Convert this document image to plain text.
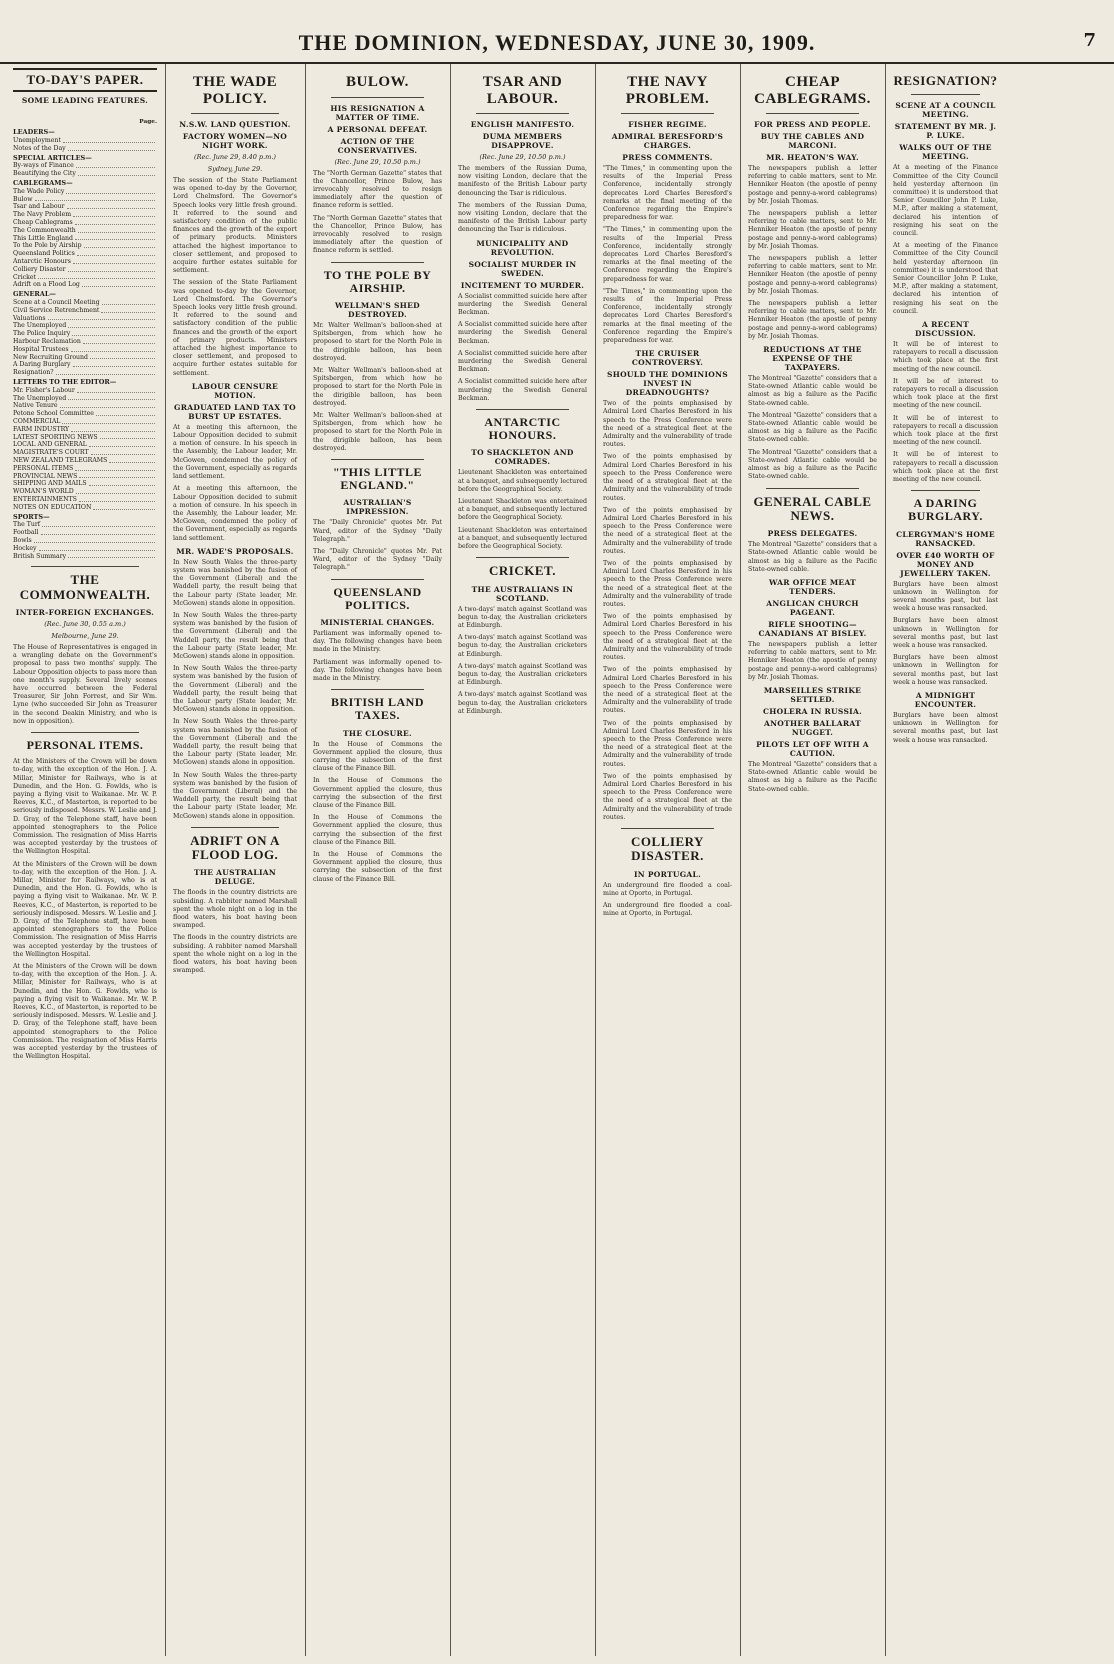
THE DOMINION, WEDNESDAY, JUNE 30, 1909.	7
TO-DAY'S PAPER.
SOME LEADING FEATURES.
Page.
LEADERS—
Unemployment
Notes of the Day
SPECIAL ARTICLES—
By-ways of Finance
Beautifying the City
CABLEGRAMS—
The Wade Policy
Bulow
Tsar and Labour
The Navy Problem
Cheap Cablegrams
The Commonwealth
This Little England
To the Pole by Airship
Queensland Politics
Antarctic Honours
Colliery Disaster
Cricket
Adrift on a Flood Log
GENERAL—
Scene at a Council Meeting
Civil Service Retrenchment
Valuations
The Unemployed
The Police Inquiry
Harbour Reclamation
Hospital Trustees
New Recruiting Ground
A Daring Burglary
Resignation?
LETTERS TO THE EDITOR—
Mr. Fisher's Labour
The Unemployed
Native Tenure
Petone School Committee
COMMERCIAL
FARM INDUSTRY
LATEST SPORTING NEWS
LOCAL AND GENERAL
MAGISTRATE'S COURT
NEW ZEALAND TELEGRAMS
PERSONAL ITEMS
PROVINCIAL NEWS
SHIPPING AND MAILS
WOMAN'S WORLD
ENTERTAINMENTS
NOTES ON EDUCATION
SPORTS—
The Turf
Football
Bowls
Hockey
British Summary
THE COMMONWEALTH.
INTER-FOREIGN EXCHANGES.
(Rec. June 30, 0.55 a.m.)
Melbourne, June 29.

The House of Representatives is engaged in a wrangling debate on the Government's proposal to pass two months' supply. The Labour Opposition objects to pass more than one month's supply. Several lively scenes have occurred between the Federal Treasurer, Sir John Forrest, and Sir Wm. Lyne (who succeeded Sir John as Treasurer in the second Deakin Ministry, and who is now in opposition).

PERSONAL ITEMS.

At the Ministers of the Crown will be down to-day, with the exception of the Hon. J. A. Millar, Minister for Railways, who is at Dunedin, and the Hon. G. Fowlds, who is paying a flying visit to Waikanae. Mr. W. P. Reeves, K.C., of Masterton, is reported to be seriously indisposed. Messrs. W. Leslie and J. D. Gray, of the Telephone staff, have been appointed stenographers to the Police Commission. The resignation of Miss Harris was accepted yesterday by the trustees of the Wellington Hospital.

At the Ministers of the Crown will be down to-day, with the exception of the Hon. J. A. Millar, Minister for Railways, who is at Dunedin, and the Hon. G. Fowlds, who is paying a flying visit to Waikanae. Mr. W. P. Reeves, K.C., of Masterton, is reported to be seriously indisposed. Messrs. W. Leslie and J. D. Gray, of the Telephone staff, have been appointed stenographers to the Police Commission. The resignation of Miss Harris was accepted yesterday by the trustees of the Wellington Hospital.

At the Ministers of the Crown will be down to-day, with the exception of the Hon. J. A. Millar, Minister for Railways, who is at Dunedin, and the Hon. G. Fowlds, who is paying a flying visit to Waikanae. Mr. W. P. Reeves, K.C., of Masterton, is reported to be seriously indisposed. Messrs. W. Leslie and J. D. Gray, of the Telephone staff, have been appointed stenographers to the Police Commission. The resignation of Miss Harris was accepted yesterday by the trustees of the Wellington Hospital.

THE WADE POLICY.
N.S.W. LAND QUESTION.
FACTORY WOMEN—NO NIGHT WORK.
(Rec. June 29, 8.40 p.m.)
Sydney, June 29.

The session of the State Parliament was opened to-day by the Governor, Lord Chelmsford. The Governor's Speech looks very little fresh ground. It referred to the sound and satisfactory condition of the public finances and the growth of the export of primary products. Ministers attached the highest importance to closer settlement, and proposed to acquire further estates suitable for settlement.

The session of the State Parliament was opened to-day by the Governor, Lord Chelmsford. The Governor's Speech looks very little fresh ground. It referred to the sound and satisfactory condition of the public finances and the growth of the export of primary products. Ministers attached the highest importance to closer settlement, and proposed to acquire further estates suitable for settlement.

LABOUR CENSURE MOTION.
GRADUATED LAND TAX TO BURST UP ESTATES.

At a meeting this afternoon, the Labour Opposition decided to submit a motion of censure. In his speech in the Assembly, the Labour leader, Mr. McGowen, condemned the policy of the Government, especially as regards land settlement.

At a meeting this afternoon, the Labour Opposition decided to submit a motion of censure. In his speech in the Assembly, the Labour leader, Mr. McGowen, condemned the policy of the Government, especially as regards land settlement.

MR. WADE'S PROPOSALS.

In New South Wales the three-party system was banished by the fusion of the Government (Liberal) and the Waddell party, the result being that the Labour party (State leader, Mr. McGowen) stands alone in opposition.

In New South Wales the three-party system was banished by the fusion of the Government (Liberal) and the Waddell party, the result being that the Labour party (State leader, Mr. McGowen) stands alone in opposition.

In New South Wales the three-party system was banished by the fusion of the Government (Liberal) and the Waddell party, the result being that the Labour party (State leader, Mr. McGowen) stands alone in opposition.

In New South Wales the three-party system was banished by the fusion of the Government (Liberal) and the Waddell party, the result being that the Labour party (State leader, Mr. McGowen) stands alone in opposition.

In New South Wales the three-party system was banished by the fusion of the Government (Liberal) and the Waddell party, the result being that the Labour party (State leader, Mr. McGowen) stands alone in opposition.

ADRIFT ON A FLOOD LOG.
THE AUSTRALIAN DELUGE.

The floods in the country districts are subsiding. A rabbiter named Marshall spent the whole night on a log in the flood waters, his boat having been swamped.

The floods in the country districts are subsiding. A rabbiter named Marshall spent the whole night on a log in the flood waters, his boat having been swamped.

BULOW.
HIS RESIGNATION A MATTER OF TIME.
A PERSONAL DEFEAT.
ACTION OF THE CONSERVATIVES.
(Rec. June 29, 10.50 p.m.)

The "North German Gazette" states that the Chancellor, Prince Bulow, has irrevocably resolved to resign immediately after the question of finance reform is settled.

The "North German Gazette" states that the Chancellor, Prince Bulow, has irrevocably resolved to resign immediately after the question of finance reform is settled.

TO THE POLE BY AIRSHIP.
WELLMAN'S SHED DESTROYED.

Mr. Walter Wellman's balloon-shed at Spitsbergen, from which how he proposed to start for the North Pole in the dirigible balloon, has been destroyed.

Mr. Walter Wellman's balloon-shed at Spitsbergen, from which how he proposed to start for the North Pole in the dirigible balloon, has been destroyed.

Mr. Walter Wellman's balloon-shed at Spitsbergen, from which how he proposed to start for the North Pole in the dirigible balloon, has been destroyed.

"THIS LITTLE ENGLAND."
AUSTRALIAN'S IMPRESSION.

The "Daily Chronicle" quotes Mr. Pat Ward, editor of the Sydney "Daily Telegraph."

The "Daily Chronicle" quotes Mr. Pat Ward, editor of the Sydney "Daily Telegraph."

QUEENSLAND POLITICS.
MINISTERIAL CHANGES.

Parliament was informally opened to-day. The following changes have been made in the Ministry.

Parliament was informally opened to-day. The following changes have been made in the Ministry.

BRITISH LAND TAXES.
THE CLOSURE.

In the House of Commons the Government applied the closure, thus carrying the subsection of the first clause of the Finance Bill.

In the House of Commons the Government applied the closure, thus carrying the subsection of the first clause of the Finance Bill.

In the House of Commons the Government applied the closure, thus carrying the subsection of the first clause of the Finance Bill.

In the House of Commons the Government applied the closure, thus carrying the subsection of the first clause of the Finance Bill.

TSAR AND LABOUR.
ENGLISH MANIFESTO.
DUMA MEMBERS DISAPPROVE.
(Rec. June 29, 10.50 p.m.)

The members of the Russian Duma, now visiting London, declare that the manifesto of the British Labour party denouncing the Tsar is ridiculous.

The members of the Russian Duma, now visiting London, declare that the manifesto of the British Labour party denouncing the Tsar is ridiculous.

MUNICIPALITY AND REVOLUTION.
SOCIALIST MURDER IN SWEDEN.
INCITEMENT TO MURDER.

A Socialist committed suicide here after murdering the Swedish General Beckman.

A Socialist committed suicide here after murdering the Swedish General Beckman.

A Socialist committed suicide here after murdering the Swedish General Beckman.

A Socialist committed suicide here after murdering the Swedish General Beckman.

ANTARCTIC HONOURS.
TO SHACKLETON AND COMRADES.

Lieutenant Shackleton was entertained at a banquet, and subsequently lectured before the Geographical Society.

Lieutenant Shackleton was entertained at a banquet, and subsequently lectured before the Geographical Society.

Lieutenant Shackleton was entertained at a banquet, and subsequently lectured before the Geographical Society.

CRICKET.
THE AUSTRALIANS IN SCOTLAND.

A two-days' match against Scotland was begun to-day, the Australian cricketers at Edinburgh.

A two-days' match against Scotland was begun to-day, the Australian cricketers at Edinburgh.

A two-days' match against Scotland was begun to-day, the Australian cricketers at Edinburgh.

A two-days' match against Scotland was begun to-day, the Australian cricketers at Edinburgh.

THE NAVY PROBLEM.
FISHER REGIME.
ADMIRAL BERESFORD'S CHARGES.
PRESS COMMENTS.

"The Times," in commenting upon the results of the Imperial Press Conference, incidentally strongly deprecates Lord Charles Beresford's remarks at the final meeting of the Conference regarding the Empire's preparedness for war.

"The Times," in commenting upon the results of the Imperial Press Conference, incidentally strongly deprecates Lord Charles Beresford's remarks at the final meeting of the Conference regarding the Empire's preparedness for war.

"The Times," in commenting upon the results of the Imperial Press Conference, incidentally strongly deprecates Lord Charles Beresford's remarks at the final meeting of the Conference regarding the Empire's preparedness for war.

THE CRUISER CONTROVERSY.
SHOULD THE DOMINIONS INVEST IN DREADNOUGHTS?

Two of the points emphasised by Admiral Lord Charles Beresford in his speech to the Press Conference were the need of a strategical fleet at the Admiralty and the vulnerability of trade routes.

Two of the points emphasised by Admiral Lord Charles Beresford in his speech to the Press Conference were the need of a strategical fleet at the Admiralty and the vulnerability of trade routes.

Two of the points emphasised by Admiral Lord Charles Beresford in his speech to the Press Conference were the need of a strategical fleet at the Admiralty and the vulnerability of trade routes.

Two of the points emphasised by Admiral Lord Charles Beresford in his speech to the Press Conference were the need of a strategical fleet at the Admiralty and the vulnerability of trade routes.

Two of the points emphasised by Admiral Lord Charles Beresford in his speech to the Press Conference were the need of a strategical fleet at the Admiralty and the vulnerability of trade routes.

Two of the points emphasised by Admiral Lord Charles Beresford in his speech to the Press Conference were the need of a strategical fleet at the Admiralty and the vulnerability of trade routes.

Two of the points emphasised by Admiral Lord Charles Beresford in his speech to the Press Conference were the need of a strategical fleet at the Admiralty and the vulnerability of trade routes.

Two of the points emphasised by Admiral Lord Charles Beresford in his speech to the Press Conference were the need of a strategical fleet at the Admiralty and the vulnerability of trade routes.

COLLIERY DISASTER.
IN PORTUGAL.

An underground fire flooded a coal-mine at Oporto, in Portugal.

An underground fire flooded a coal-mine at Oporto, in Portugal.

CHEAP CABLEGRAMS.
FOR PRESS AND PEOPLE.
BUY THE CABLES AND MARCONI.
MR. HEATON'S WAY.

The newspapers publish a letter referring to cable matters, sent to Mr. Henniker Heaton (the apostle of penny postage and penny-a-word cablegrams) by Mr. Josiah Thomas.

The newspapers publish a letter referring to cable matters, sent to Mr. Henniker Heaton (the apostle of penny postage and penny-a-word cablegrams) by Mr. Josiah Thomas.

The newspapers publish a letter referring to cable matters, sent to Mr. Henniker Heaton (the apostle of penny postage and penny-a-word cablegrams) by Mr. Josiah Thomas.

The newspapers publish a letter referring to cable matters, sent to Mr. Henniker Heaton (the apostle of penny postage and penny-a-word cablegrams) by Mr. Josiah Thomas.

REDUCTIONS AT THE EXPENSE OF THE TAXPAYERS.

The Montreal "Gazette" considers that a State-owned Atlantic cable would be almost as big a failure as the Pacific State-owned cable.

The Montreal "Gazette" considers that a State-owned Atlantic cable would be almost as big a failure as the Pacific State-owned cable.

The Montreal "Gazette" considers that a State-owned Atlantic cable would be almost as big a failure as the Pacific State-owned cable.

GENERAL CABLE NEWS.
PRESS DELEGATES.

The Montreal "Gazette" considers that a State-owned Atlantic cable would be almost as big a failure as the Pacific State-owned cable.

WAR OFFICE MEAT TENDERS.
ANGLICAN CHURCH PAGEANT.
RIFLE SHOOTING—CANADIANS AT BISLEY.

The newspapers publish a letter referring to cable matters, sent to Mr. Henniker Heaton (the apostle of penny postage and penny-a-word cablegrams) by Mr. Josiah Thomas.

MARSEILLES STRIKE SETTLED.
CHOLERA IN RUSSIA.
ANOTHER BALLARAT NUGGET.
PILOTS LET OFF WITH A CAUTION.

The Montreal "Gazette" considers that a State-owned Atlantic cable would be almost as big a failure as the Pacific State-owned cable.

RESIGNATION?
SCENE AT A COUNCIL MEETING.
STATEMENT BY MR. J. P. LUKE.
WALKS OUT OF THE MEETING.

At a meeting of the Finance Committee of the City Council held yesterday afternoon (in committee) it is understood that Senior Councillor John P. Luke, M.P., after making a statement, declared his intention of resigning his seat on the council.

At a meeting of the Finance Committee of the City Council held yesterday afternoon (in committee) it is understood that Senior Councillor John P. Luke, M.P., after making a statement, declared his intention of resigning his seat on the council.

A RECENT DISCUSSION.

It will be of interest to ratepayers to recall a discussion which took place at the first meeting of the new council.

It will be of interest to ratepayers to recall a discussion which took place at the first meeting of the new council.

It will be of interest to ratepayers to recall a discussion which took place at the first meeting of the new council.

It will be of interest to ratepayers to recall a discussion which took place at the first meeting of the new council.

A DARING BURGLARY.
CLERGYMAN'S HOME RANSACKED.
OVER £40 WORTH OF MONEY AND JEWELLERY TAKEN.

Burglars have been almost unknown in Wellington for several months past, but last week a house was ransacked.

Burglars have been almost unknown in Wellington for several months past, but last week a house was ransacked.

Burglars have been almost unknown in Wellington for several months past, but last week a house was ransacked.

A MIDNIGHT ENCOUNTER.

Burglars have been almost unknown in Wellington for several months past, but last week a house was ransacked.
